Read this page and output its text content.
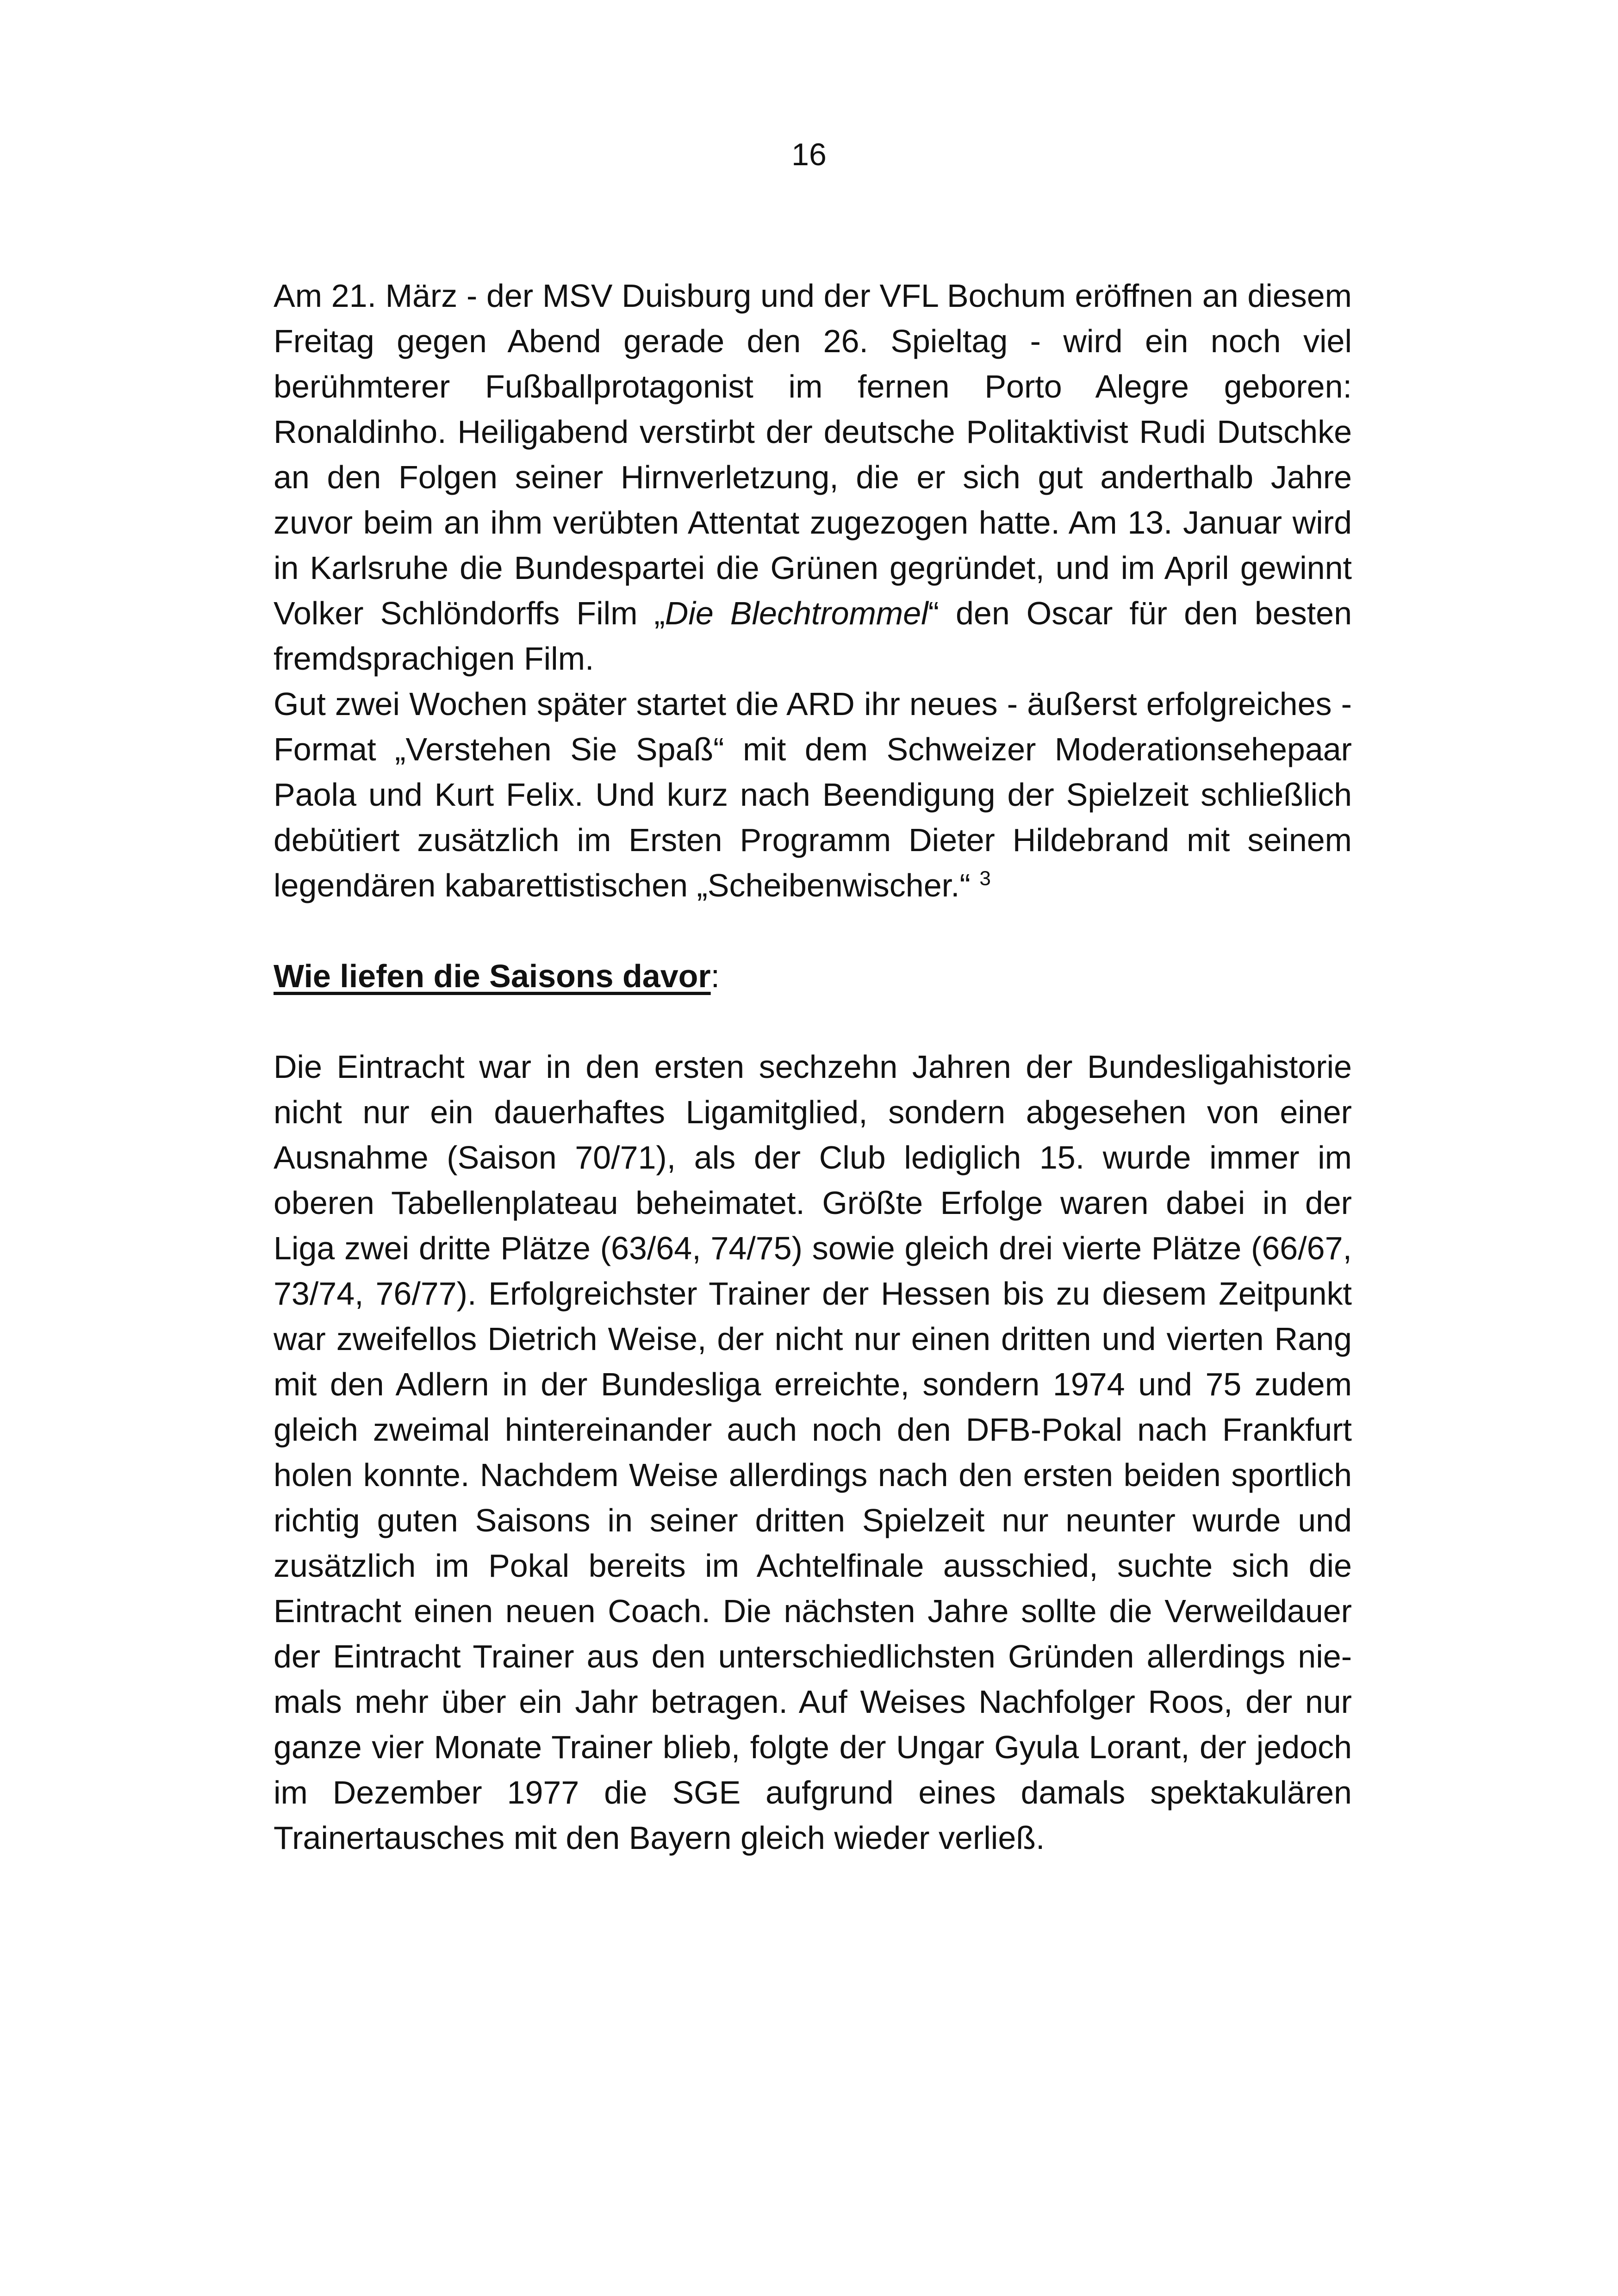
16

Am 21. März - der MSV Duisburg und der VFL Bochum eröffnen an diesem Freitag gegen Abend gerade den 26. Spieltag - wird ein noch viel berühmterer Fußballprotagonist im fernen Porto Alegre geboren: Ronaldinho. Heiligabend verstirbt der deutsche Politaktivist Rudi Dutschke an den Folgen seiner Hirnverletzung, die er sich gut anderthalb Jahre zuvor beim an ihm verübten Attentat zugezogen hatte. Am 13. Januar wird in Karlsruhe die Bundespartei die Grünen gegründet, und im April gewinnt Volker Schlöndorffs Film „Die Blechtrommel“ den Oscar für den besten fremdsprachigen Film.

Gut zwei Wochen später startet die ARD ihr neues - äußerst erfolgreiches - Format „Verstehen Sie Spaß“ mit dem Schweizer Moderationsehepaar Paola und Kurt Felix. Und kurz nach Beendigung der Spielzeit schließlich debütiert zusätzlich im Ersten Programm Dieter Hildebrand mit seinem legendären kabarettistischen „Scheibenwischer.“ $^3$

Wie liefen die Saisons davor:

Die Eintracht war in den ersten sechzehn Jahren der Bundesligahistorie nicht nur ein dauerhaftes Ligamitglied, sondern abgesehen von einer Ausnahme (Saison 70/71), als der Club lediglich 15. wurde immer im oberen Tabellenplateau beheimatet. Größte Erfolge waren dabei in der Liga zwei dritte Plätze (63/64, 74/75) sowie gleich drei vierte Plätze (66/67, 73/74, 76/77). Erfolgreichster Trainer der Hessen bis zu diesem Zeitpunkt war zweifellos Dietrich Weise, der nicht nur einen dritten und vierten Rang mit den Adlern in der Bundesliga erreichte, sondern 1974 und 75 zudem gleich zweimal hintereinander auch noch den DFB-Pokal nach Frankfurt holen konnte. Nachdem Weise allerdings nach den ersten beiden sportlich richtig guten Saisons in seiner dritten Spielzeit nur neunter wurde und zusätzlich im Pokal bereits im Achtelfinale ausschied, suchte sich die Eintracht einen neuen Coach. Die nächsten Jahre sollte die Verweildauer der Eintracht Trainer aus den unterschiedlichsten Gründen allerdings niemals mehr über ein Jahr betragen. Auf Weises Nachfolger Roos, der nur ganze vier Monate Trainer blieb, folgte der Ungar Gyula Lorant, der jedoch im Dezember 1977 die SGE aufgrund eines damals spektakulären Trainertausches mit den Bayern gleich wieder verließ.
